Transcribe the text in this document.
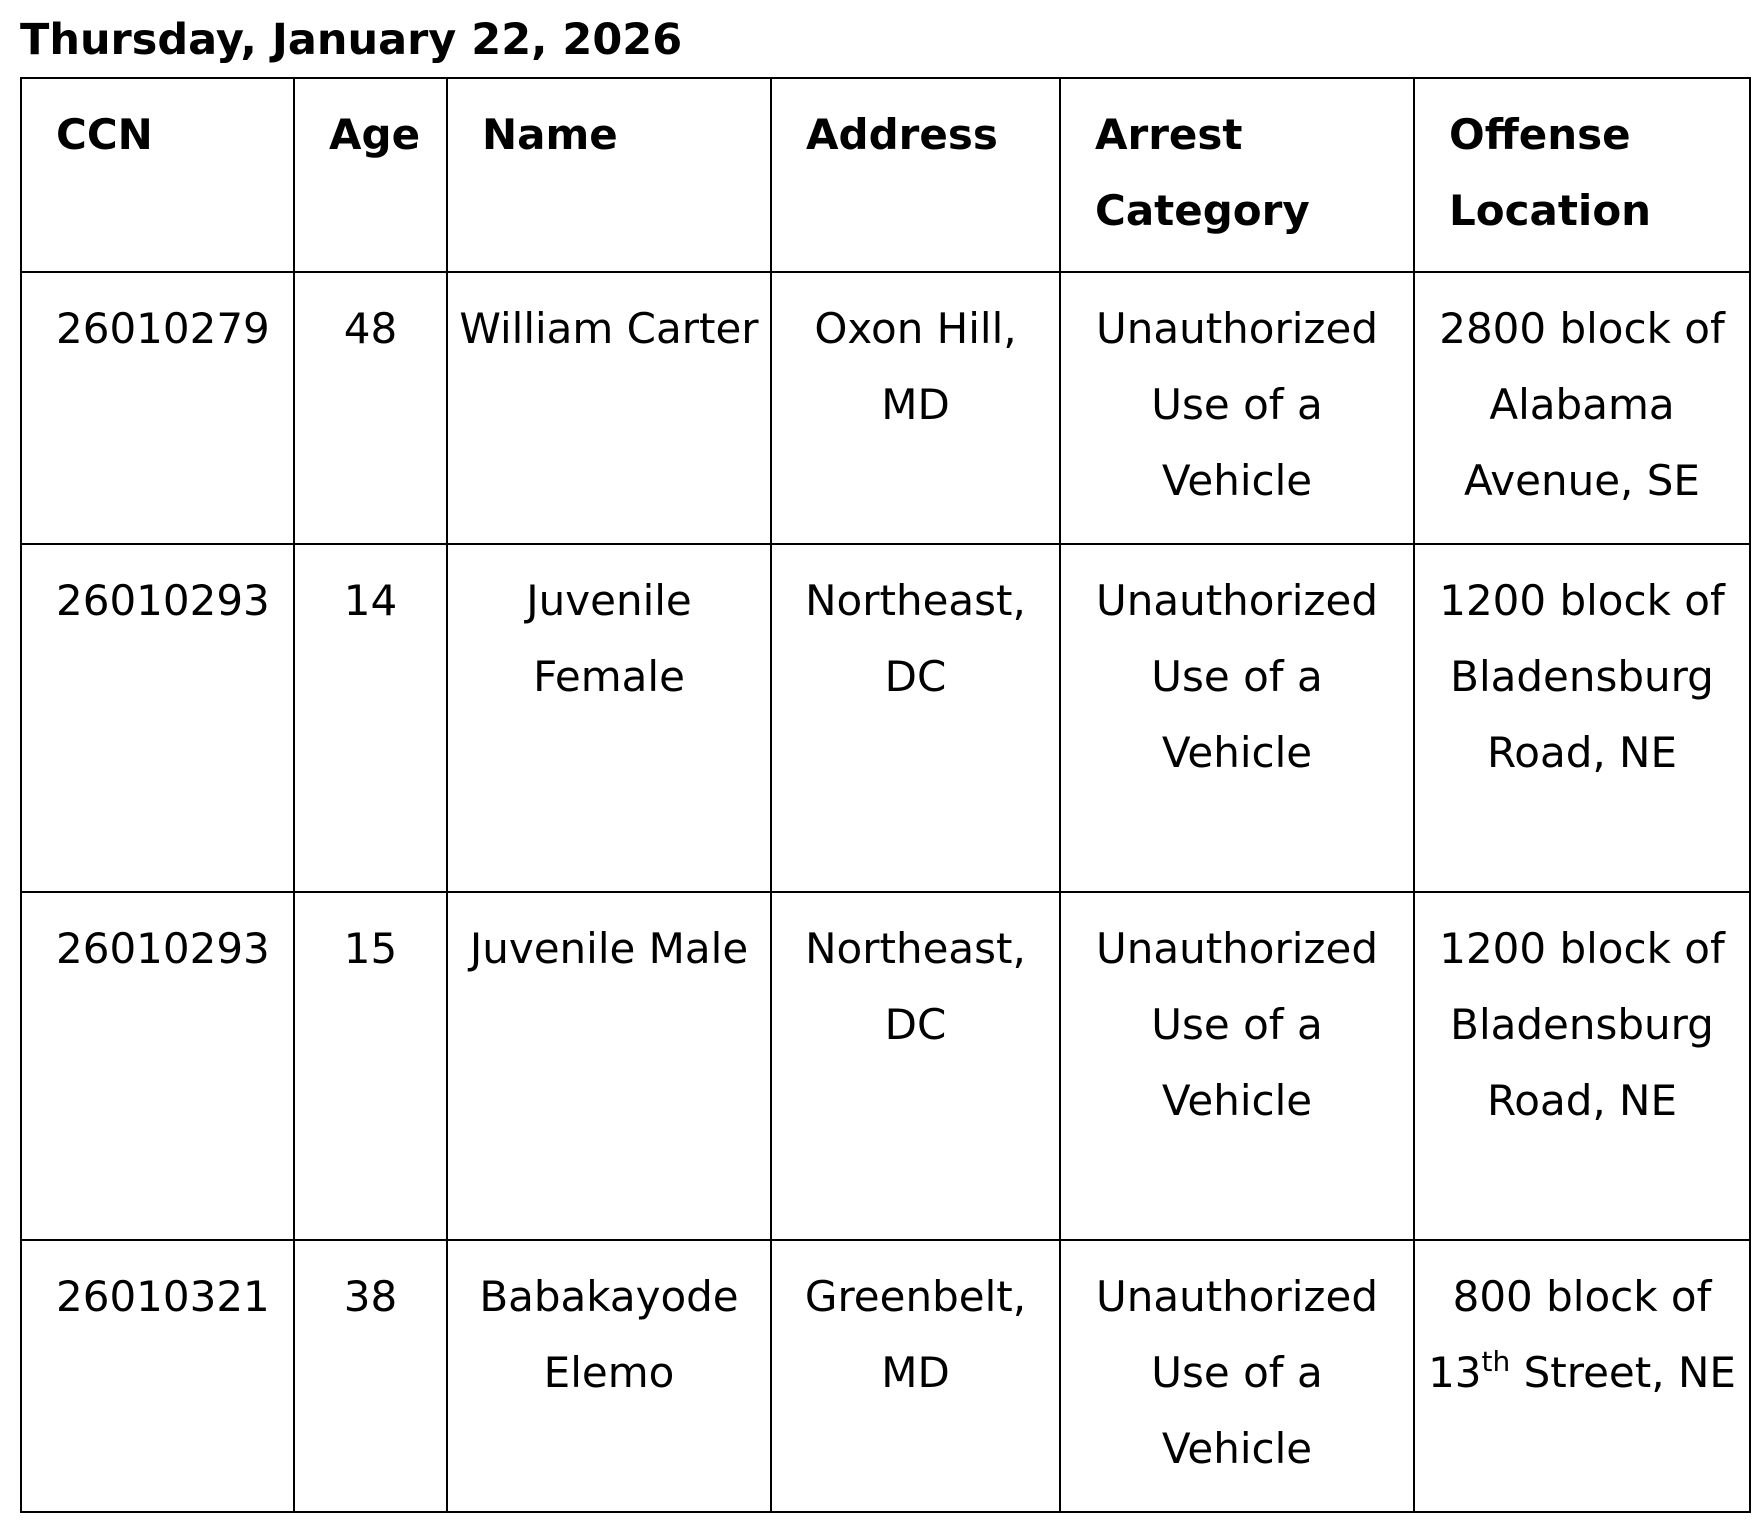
Thursday, January 22, 2026
CCN	Age	Name	Address	Arrest Category	Offense Location
26010279	48	William Carter	Oxon Hill, MD	Unauthorized Use of a Vehicle	2800 block of Alabama Avenue, SE
26010293	14	Juvenile Female	Northeast, DC	Unauthorized Use of a Vehicle	1200 block of Bladensburg Road, NE
26010293	15	Juvenile Male	Northeast, DC	Unauthorized Use of a Vehicle	1200 block of Bladensburg Road, NE
26010321	38	Babakayode Elemo	Greenbelt, MD	Unauthorized Use of a Vehicle	800 block of 13th Street, NE
